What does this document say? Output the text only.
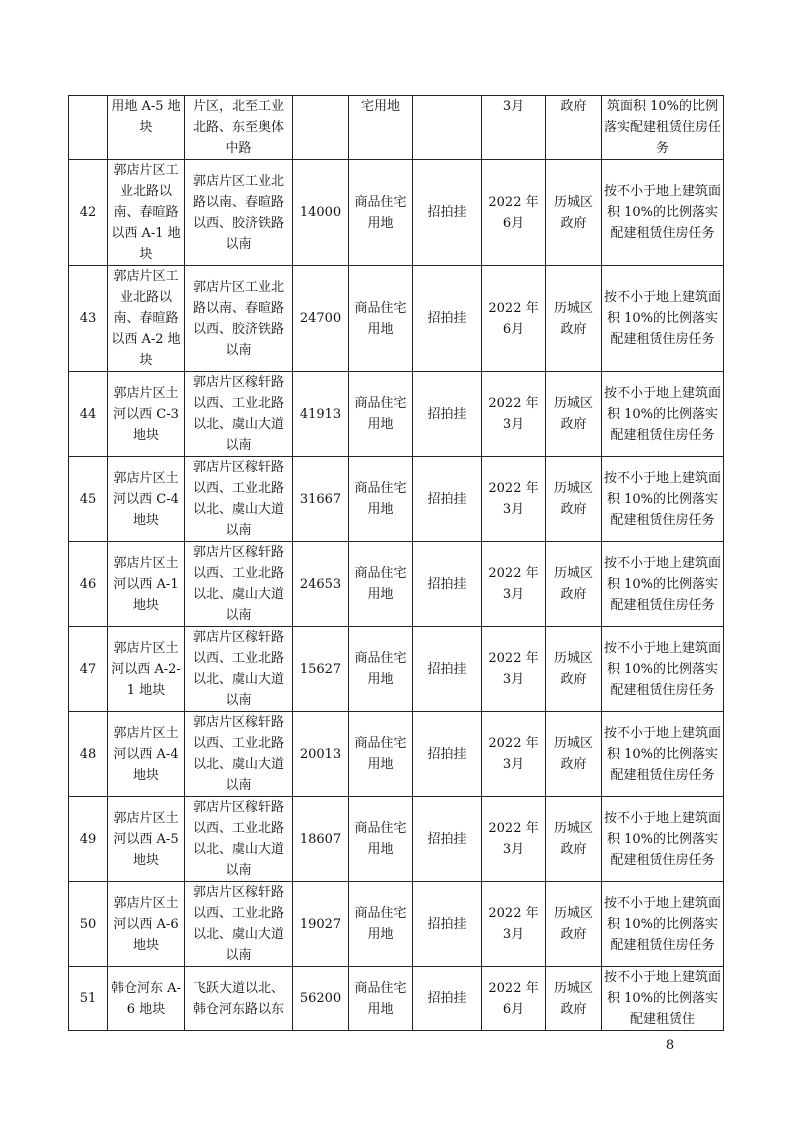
	用地 A-5 地块	片区，北至工业北路、东至奥体中路		宅用地		3月	政府	筑面积 10%的比例落实配建租赁住房任务

42	郭店片区工业北路以南、春暄路以西 A-1 地块	郭店片区工业北路以南、春暄路以西、胶济铁路以南	14000	商品住宅用地	招拍挂	2022 年 6月	历城区政府	按不小于地上建筑面积 10%的比例落实配建租赁住房任务

43	郭店片区工业北路以南、春暄路以西 A-2 地块	郭店片区工业北路以南、春暄路以西、胶济铁路以南	24700	商品住宅用地	招拍挂	2022 年 6月	历城区政府	按不小于地上建筑面积 10%的比例落实配建租赁住房任务

44	郭店片区土河以西 C-3 地块	郭店片区稼轩路以西、工业北路以北、虞山大道以南	41913	商品住宅用地	招拍挂	2022 年 3月	历城区政府	按不小于地上建筑面积 10%的比例落实配建租赁住房任务

45	郭店片区土河以西 C-4 地块	郭店片区稼轩路以西、工业北路以北、虞山大道以南	31667	商品住宅用地	招拍挂	2022 年 3月	历城区政府	按不小于地上建筑面积 10%的比例落实配建租赁住房任务

46	郭店片区土河以西 A-1 地块	郭店片区稼轩路以西、工业北路以北、虞山大道以南	24653	商品住宅用地	招拍挂	2022 年 3月	历城区政府	按不小于地上建筑面积 10%的比例落实配建租赁住房任务

47	郭店片区土河以西 A-2-1 地块	郭店片区稼轩路以西、工业北路以北、虞山大道以南	15627	商品住宅用地	招拍挂	2022 年 3月	历城区政府	按不小于地上建筑面积 10%的比例落实配建租赁住房任务

48	郭店片区土河以西 A-4 地块	郭店片区稼轩路以西、工业北路以北、虞山大道以南	20013	商品住宅用地	招拍挂	2022 年 3月	历城区政府	按不小于地上建筑面积 10%的比例落实配建租赁住房任务

49	郭店片区土河以西 A-5 地块	郭店片区稼轩路以西、工业北路以北、虞山大道以南	18607	商品住宅用地	招拍挂	2022 年 3月	历城区政府	按不小于地上建筑面积 10%的比例落实配建租赁住房任务

50	郭店片区土河以西 A-6 地块	郭店片区稼轩路以西、工业北路以北、虞山大道以南	19027	商品住宅用地	招拍挂	2022 年 3月	历城区政府	按不小于地上建筑面积 10%的比例落实配建租赁住房任务

51	韩仓河东 A-6 地块	飞跃大道以北、韩仓河东路以东	56200	商品住宅用地	招拍挂	2022 年 6月	历城区政府	按不小于地上建筑面积 10%的比例落实配建租赁住
8
